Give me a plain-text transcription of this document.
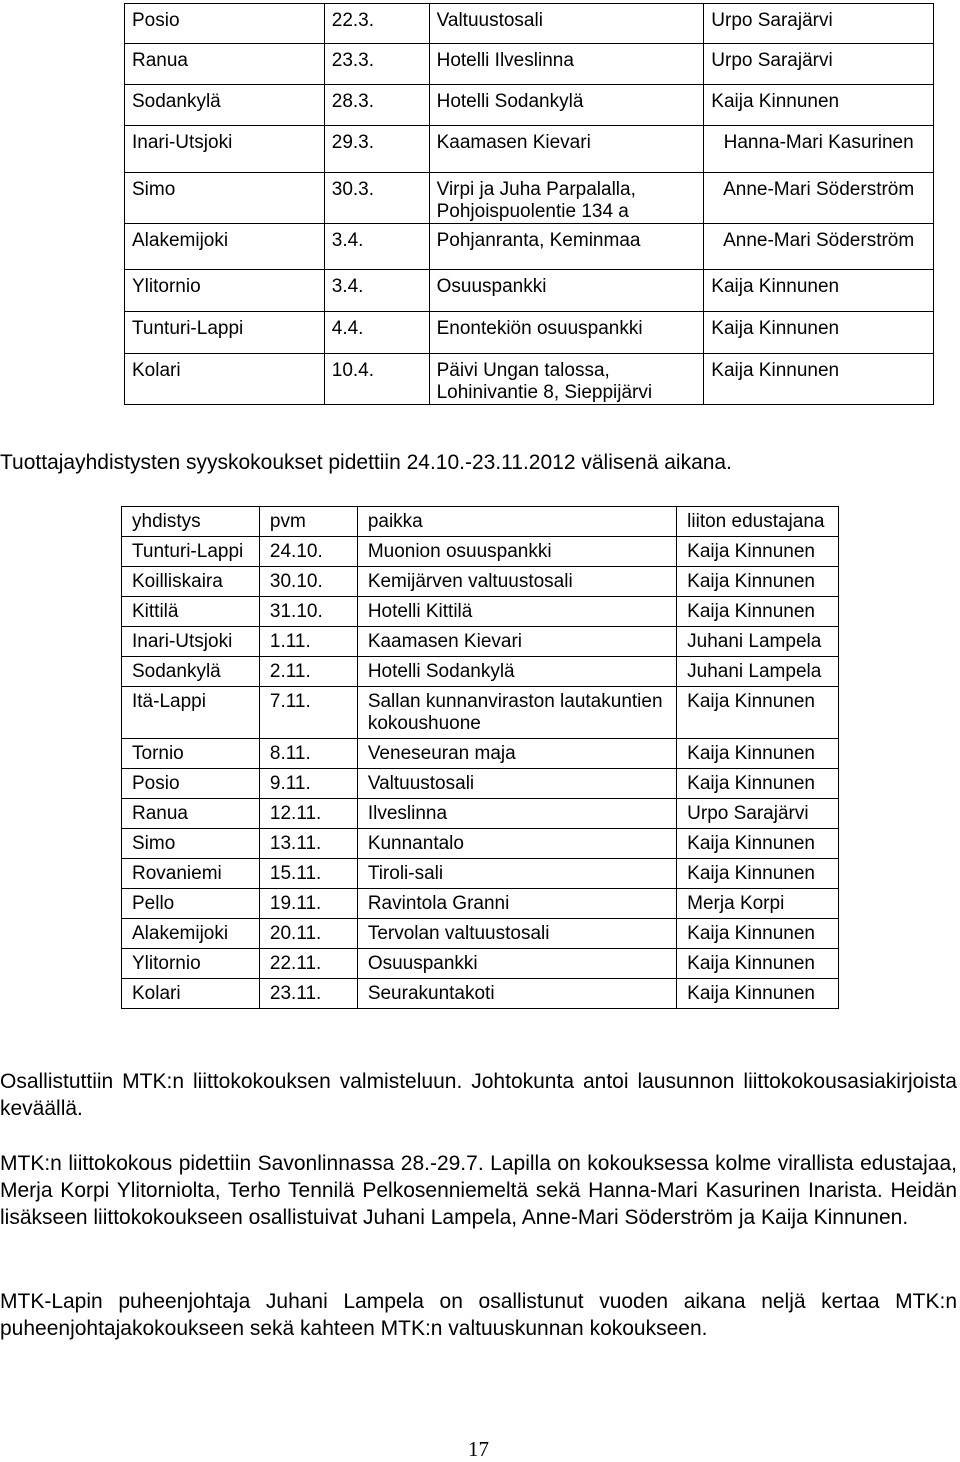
Posio	22.3.	Valtuustosali	Urpo Sarajärvi
Ranua	23.3.	Hotelli Ilveslinna	Urpo Sarajärvi
Sodankylä	28.3.	Hotelli Sodankylä	Kaija Kinnunen
Inari-Utsjoki	29.3.	Kaamasen Kievari	Hanna-Mari Kasurinen
Simo	30.3.	Virpi ja Juha Parpalalla, Pohjoispuolentie 134 a	Anne-Mari Söderström
Alakemijoki	3.4.	Pohjanranta, Keminmaa	Anne-Mari Söderström
Ylitornio	3.4.	Osuuspankki	Kaija Kinnunen
Tunturi-Lappi	4.4.	Enontekiön osuuspankki	Kaija Kinnunen
Kolari	10.4.	Päivi Ungan talossa, Lohinivantie 8, Sieppijärvi	Kaija Kinnunen
Tuottajayhdistysten syyskokoukset pidettiin 24.10.-23.11.2012 välisenä aikana.
yhdistys	pvm	paikka	liiton edustajana
Tunturi-Lappi	24.10.	Muonion osuuspankki	Kaija Kinnunen
Koilliskaira	30.10.	Kemijärven valtuustosali	Kaija Kinnunen
Kittilä	31.10.	Hotelli Kittilä	Kaija Kinnunen
Inari-Utsjoki	1.11.	Kaamasen Kievari	Juhani Lampela
Sodankylä	2.11.	Hotelli Sodankylä	Juhani Lampela
Itä-Lappi	7.11.	Sallan kunnanviraston lautakuntien kokoushuone	Kaija Kinnunen
Tornio	8.11.	Veneseuran maja	Kaija Kinnunen
Posio	9.11.	Valtuustosali	Kaija Kinnunen
Ranua	12.11.	Ilveslinna	Urpo Sarajärvi
Simo	13.11.	Kunnantalo	Kaija Kinnunen
Rovaniemi	15.11.	Tiroli-sali	Kaija Kinnunen
Pello	19.11.	Ravintola Granni	Merja Korpi
Alakemijoki	20.11.	Tervolan valtuustosali	Kaija Kinnunen
Ylitornio	22.11.	Osuuspankki	Kaija Kinnunen
Kolari	23.11.	Seurakuntakoti	Kaija Kinnunen
Osallistuttiin MTK:n liittokokouksen valmisteluun. Johtokunta antoi lausunnon liittokokousasiakirjoista keväällä.
MTK:n liittokokous pidettiin Savonlinnassa 28.-29.7. Lapilla on kokouksessa kolme virallista edustajaa, Merja Korpi Ylitorniolta, Terho Tennilä Pelkosenniemeltä sekä Hanna-Mari Kasurinen Inarista. Heidän lisäkseen liittokokoukseen osallistuivat Juhani Lampela, Anne-Mari Söderström ja Kaija Kinnunen.
MTK-Lapin puheenjohtaja Juhani Lampela on osallistunut vuoden aikana neljä kertaa MTK:n puheenjohtajakokoukseen sekä kahteen MTK:n valtuuskunnan kokoukseen.
17
